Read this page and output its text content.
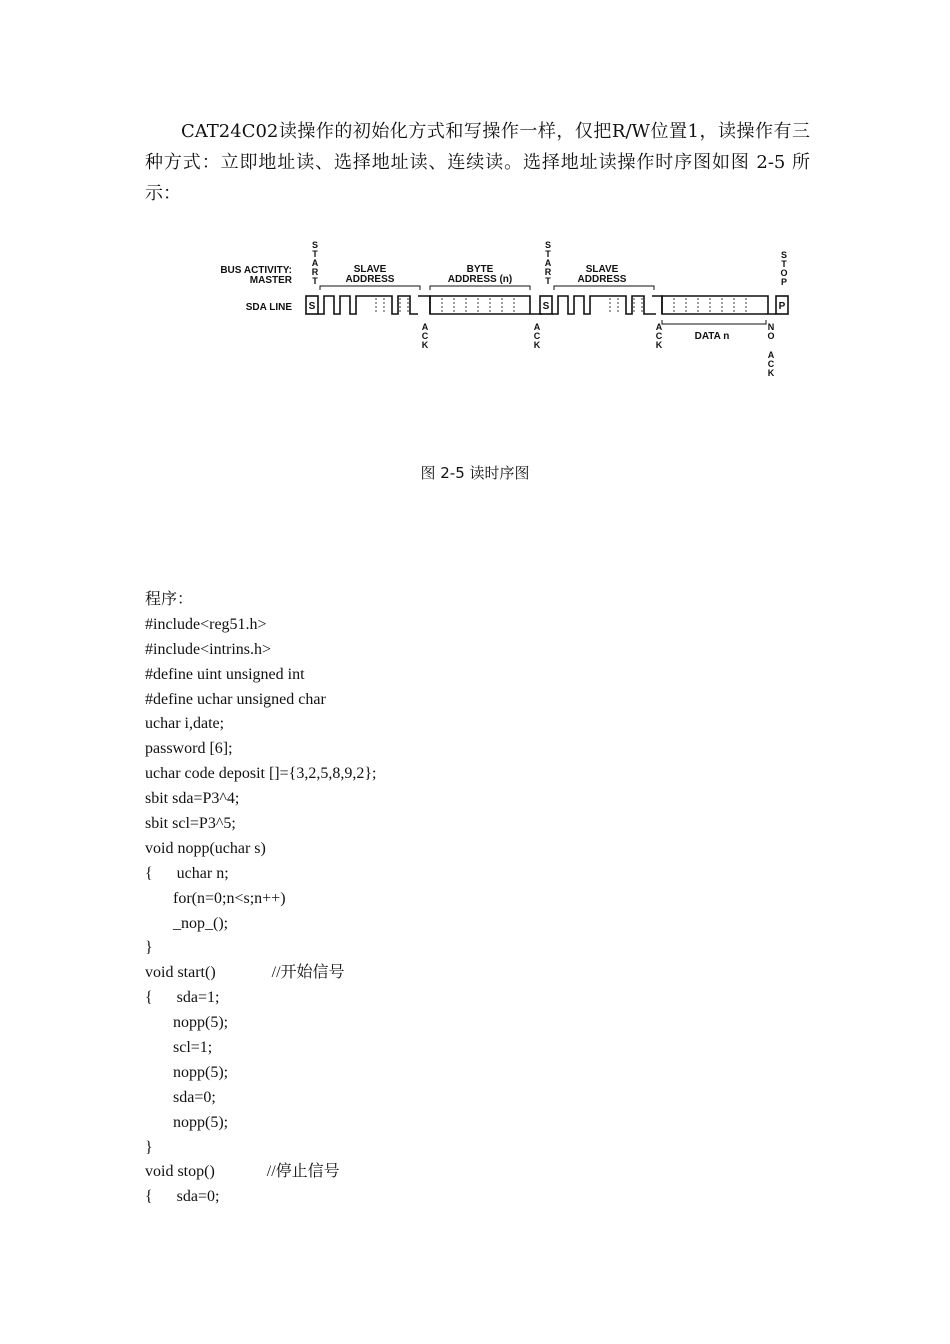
CAT24C02读操作的初始化方式和写操作一样，仅把R/W位置1，读操作有三种方式：立即地址读、选择地址读、连续读。选择地址读操作时序图如图 2-5 所示：

BUS ACTIVITY:
MASTER
SDA LINE
S T A R T
S T A R T
S T O P
SLAVE
ADDRESS
BYTE
ADDRESS (n)
SLAVE
ADDRESS
DATA n
S	S	P
A C K
A C K
A C K
N O
A C K
图 2-5 读时序图
程序：
#include<reg51.h>
#include<intrins.h>
#define uint unsigned int
#define uchar unsigned char
uchar i,date;
password [6];
uchar code deposit []={3,2,5,8,9,2};
sbit sda=P3^4;
sbit scl=P3^5;
void nopp(uchar s)
{      uchar n;
for(n=0;n<s;n++)
_nop_();
}
void start()              //开始信号
{      sda=1;
nopp(5);
scl=1;
nopp(5);
sda=0;
nopp(5);
}
void stop()             //停止信号
{      sda=0;
